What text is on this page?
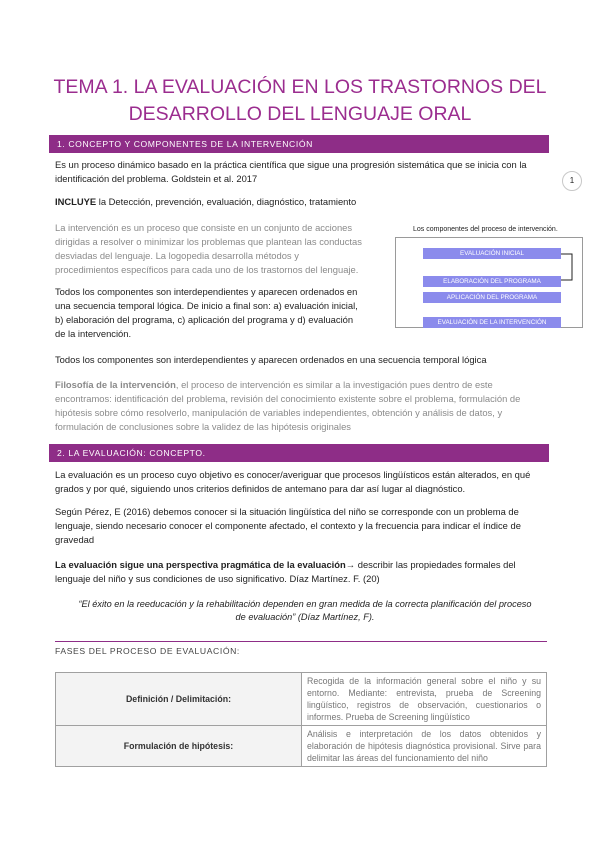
TEMA 1. LA EVALUACIÓN EN LOS TRASTORNOS DEL
DESARROLLO DEL LENGUAJE ORAL
1
1. CONCEPTO Y COMPONENTES DE LA INTERVENCIÓN
Es un proceso dinámico basado en la práctica científica que sigue una progresión sistemática que se inicia con la
identificación del problema. Goldstein et al. 2017
INCLUYE la Detección, prevención, evaluación, diagnóstico, tratamiento
La intervención es un proceso que consiste en un conjunto de acciones
dirigidas a resolver o minimizar los problemas que plantean las conductas
desviadas del lenguaje. La logopedia desarrolla métodos y
procedimientos específicos para cada uno de los trastornos del lenguaje.
Todos los componentes son interdependientes y aparecen ordenados en
una secuencia temporal lógica. De inicio a final son: a) evaluación inicial,
b) elaboración del programa, c) aplicación del programa y d) evaluación
de la intervención.
Los componentes del proceso de intervención.
EVALUACIÓN INICIAL
ELABORACIÓN DEL PROGRAMA
APLICACIÓN DEL PROGRAMA
EVALUACIÓN DE LA INTERVENCIÓN
Todos los componentes son interdependientes y aparecen ordenados en una secuencia temporal lógica
Filosofía de la intervención, el proceso de intervención es similar a la investigación pues dentro de este
encontramos: identificación del problema, revisión del conocimiento existente sobre el problema, formulación de
hipótesis sobre cómo resolverlo, manipulación de variables independientes, obtención y análisis de datos, y
formulación de conclusiones sobre la validez de las hipótesis originales
2. LA EVALUACIÓN: CONCEPTO.
La evaluación es un proceso cuyo objetivo es conocer/averiguar que procesos lingüísticos están alterados, en qué
grados y por qué, siguiendo unos criterios definidos de antemano para dar así lugar al diagnóstico.
Según Pérez, E (2016) debemos conocer si la situación lingüística del niño se corresponde con un problema de
lenguaje, siendo necesario conocer el componente afectado, el contexto y la frecuencia para indicar el índice de
gravedad
La evaluación sigue una perspectiva pragmática de la evaluación→ describir las propiedades formales del
lenguaje del niño y sus condiciones de uso significativo. Díaz Martínez. F. (20)
“El éxito en la reeducación y la rehabilitación dependen en gran medida de la correcta planificación del proceso
de evaluación” (Díaz Martínez, F).
FASES DEL PROCESO DE EVALUACIÓN:
Definición / Delimitación:	Recogida de la información general sobre el niño y su entorno. Mediante: entrevista, prueba de Screening lingüístico, registros de observación, cuestionarios o informes. Prueba de Screening lingüístico
Formulación de hipótesis:	Análisis e interpretación de los datos obtenidos y elaboración de hipótesis diagnóstica provisional. Sirve para delimitar las áreas del funcionamiento del niño
